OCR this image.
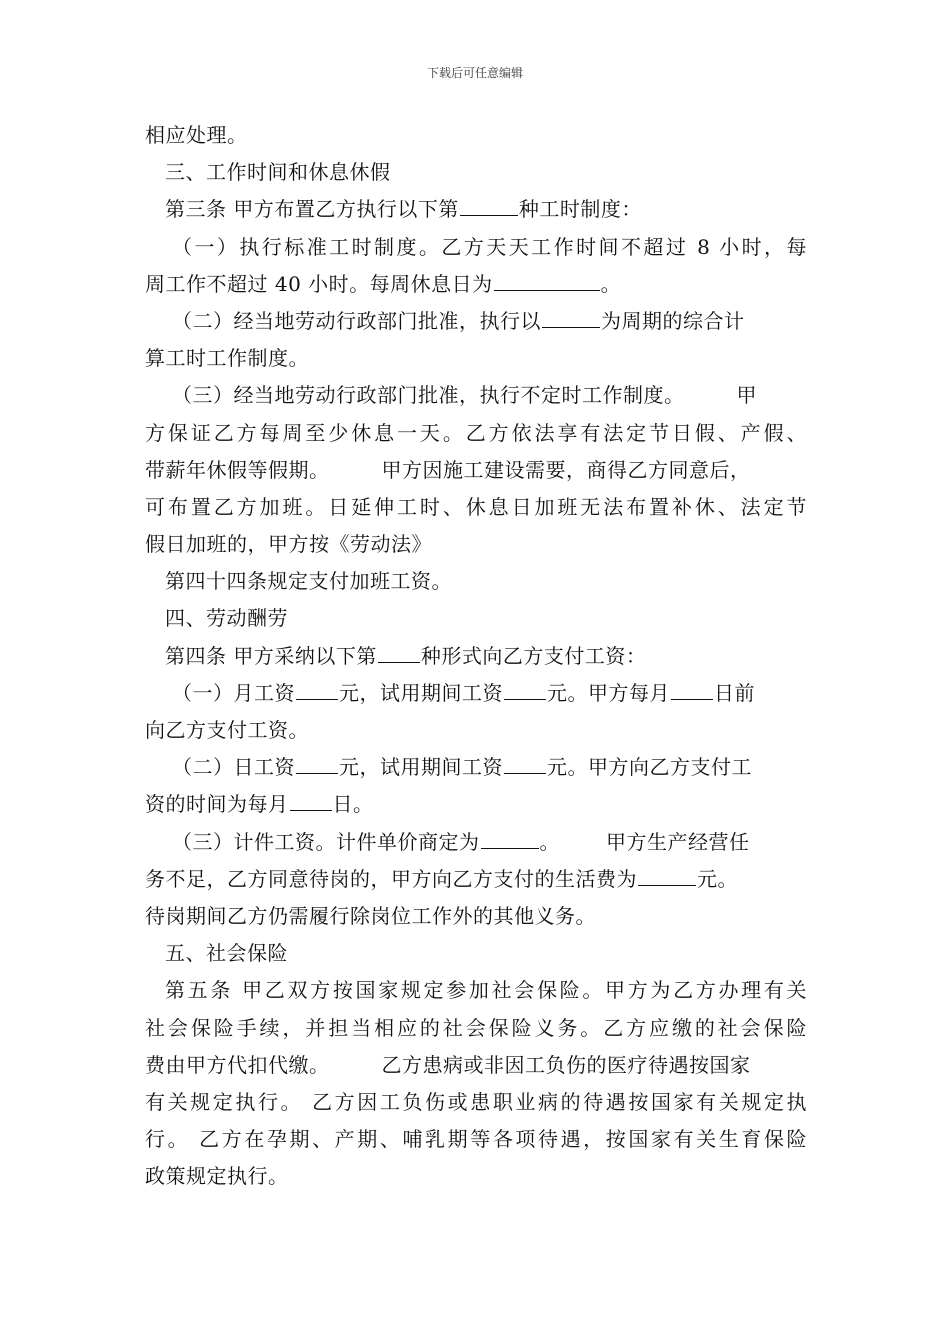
下载后可任意编辑
相应处理。
三、工作时间和休息休假
第三条 甲方布置乙方执行以下第	种工时制度：
（一）执行标准工时制度。乙方天天工作时间不超过 8 小时，每
周工作不超过 40 小时。每周休息日为	。
（二）经当地劳动行政部门批准，执行以	为周期的综合计
算工时工作制度。
（三）经当地劳动行政部门批准，执行不定时工作制度。	甲
方保证乙方每周至少休息一天。乙方依法享有法定节日假、产假、
带薪年休假等假期。	甲方因施工建设需要，商得乙方同意后，
可布置乙方加班。日延伸工时、休息日加班无法布置补休、法定节
假日加班的，甲方按《劳动法》
第四十四条规定支付加班工资。
四、劳动酬劳
第四条 甲方采纳以下第 种形式向乙方支付工资：
（一）月工资 元，试用期间工资 元。甲方每月 日前
向乙方支付工资。
（二）日工资 元，试用期间工资 元。甲方向乙方支付工
资的时间为每月 日。
（三）计件工资。计件单价商定为	。 甲方生产经营任
务不足，乙方同意待岗的，甲方向乙方支付的生活费为	元。
待岗期间乙方仍需履行除岗位工作外的其他义务。
五、社会保险
第五条 甲乙双方按国家规定参加社会保险。甲方为乙方办理有关
社会保险手续，并担当相应的社会保险义务。乙方应缴的社会保险
费由甲方代扣代缴。	乙方患病或非因工负伤的医疗待遇按国家
有关规定执行。 乙方因工负伤或患职业病的待遇按国家有关规定执
行。 乙方在孕期、产期、哺乳期等各项待遇，按国家有关生育保险
政策规定执行。
